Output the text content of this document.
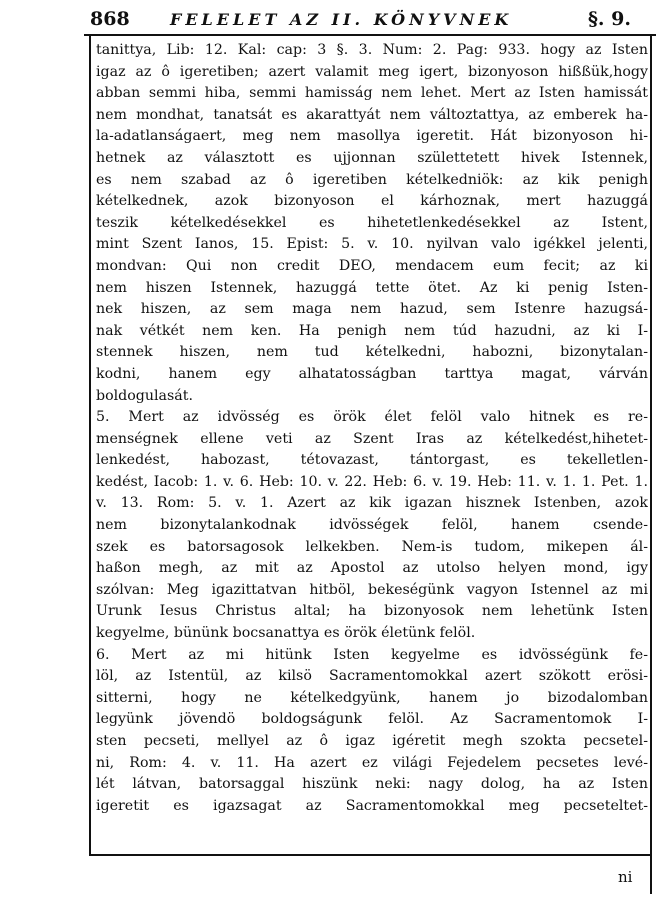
868	FELELET AZ II. KÖNYVNEK	§. 9.
tanittya, Lib: 12. Kal: cap: 3 §. 3. Num: 2. Pag: 933. hogy az Isten
igaz az ô igeretiben; azert valamit meg igert, bizonyoson hißßük,hogy
abban semmi hiba, semmi hamisság nem lehet. Mert az Isten hamissát
nem mondhat, tanatsát es akarattyát nem változtattya, az emberek ha-
la-adatlanságaert, meg nem masollya igeretit. Hát bizonyoson hi-
hetnek az választott es ujjonnan születtetett hivek Istennek,
es nem szabad az ô igeretiben kételkedniök: az kik penigh
kételkednek, azok bizonyoson el kárhoznak, mert hazuggá
teszik kételkedésekkel es hihetetlenkedésekkel az Istent,
mint Szent Ianos, 15. Epist: 5. v. 10. nyilvan valo igékkel jelenti,
mondvan: Qui non credit DEO, mendacem eum fecit; az ki
nem hiszen Istennek, hazuggá tette ötet. Az ki penig Isten-
nek hiszen, az sem maga nem hazud, sem Istenre hazugsá-
nak vétkét nem ken. Ha penigh nem túd hazudni, az ki I-
stennek hiszen, nem tud kételkedni, habozni, bizonytalan-
kodni, hanem egy alhatatosságban tarttya magat, várván
boldogulasát.
5. Mert az idvösség es örök élet felöl valo hitnek es re-
menségnek ellene veti az Szent Iras az kételkedést,hihetet-
lenkedést, habozast, tétovazast, tántorgast, es tekelletlen-
kedést, Iacob: 1. v. 6. Heb: 10. v. 22. Heb: 6. v. 19. Heb: 11. v. 1. 1. Pet. 1.
v. 13. Rom: 5. v. 1. Azert az kik igazan hisznek Istenben, azok
nem bizonytalankodnak idvösségek felöl, hanem csende-
szek es batorsagosok lelkekben. Nem-is tudom, mikepen ál-
haßon megh, az mit az Apostol az utolso helyen mond, igy
szólvan: Meg igazittatvan hitböl, bekeségünk vagyon Istennel az mi
Urunk Iesus Christus altal; ha bizonyosok nem lehetünk Isten
kegyelme, bününk bocsanattya es örök életünk felöl.
6. Mert az mi hitünk Isten kegyelme es idvösségünk fe-
löl, az Istentül, az kilsö Sacramentomokkal azert szökott erösi-
sitterni, hogy ne kételkedgyünk, hanem jo bizodalomban
legyünk jövendö boldogságunk felöl. Az Sacramentomok I-
sten pecseti, mellyel az ô igaz igéretit megh szokta pecsetel-
ni, Rom: 4. v. 11. Ha azert ez világi Fejedelem pecsetes levé-
lét látvan, batorsaggal hiszünk neki: nagy dolog, ha az Isten
igeretit es igazsagat az Sacramentomokkal meg pecseteltet-
ni
